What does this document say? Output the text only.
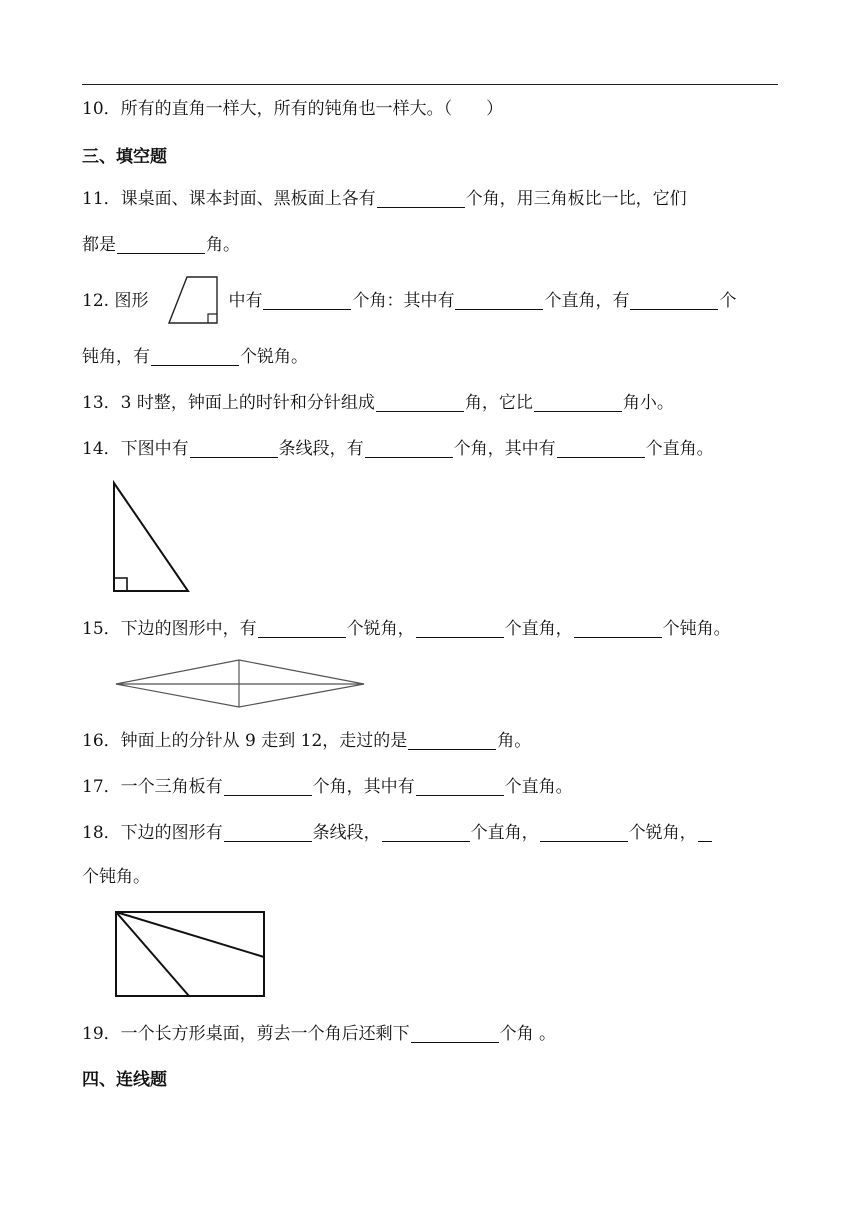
10．所有的直角一样大，所有的钝角也一样大。（　　）
三、填空题
11．课桌面、课本封面、黑板面上各有	个角，用三角板比一比，它们
都是	角。
12. 图形	中有	个角：其中有	个直角，有	个
钝角，有	个锐角。
13．3 时整，钟面上的时针和分针组成	角，它比	角小。
14．下图中有	条线段，有	个角，其中有	个直角。
15．下边的图形中，有	个锐角，	个直角，	个钝角。
16．钟面上的分针从 9 走到 12，走过的是	角。
17．一个三角板有	个角，其中有	个直角。
18．下边的图形有	条线段，	个直角，	个锐角，
个钝角。
19．一个长方形桌面，剪去一个角后还剩下	个角 。
四、连线题
